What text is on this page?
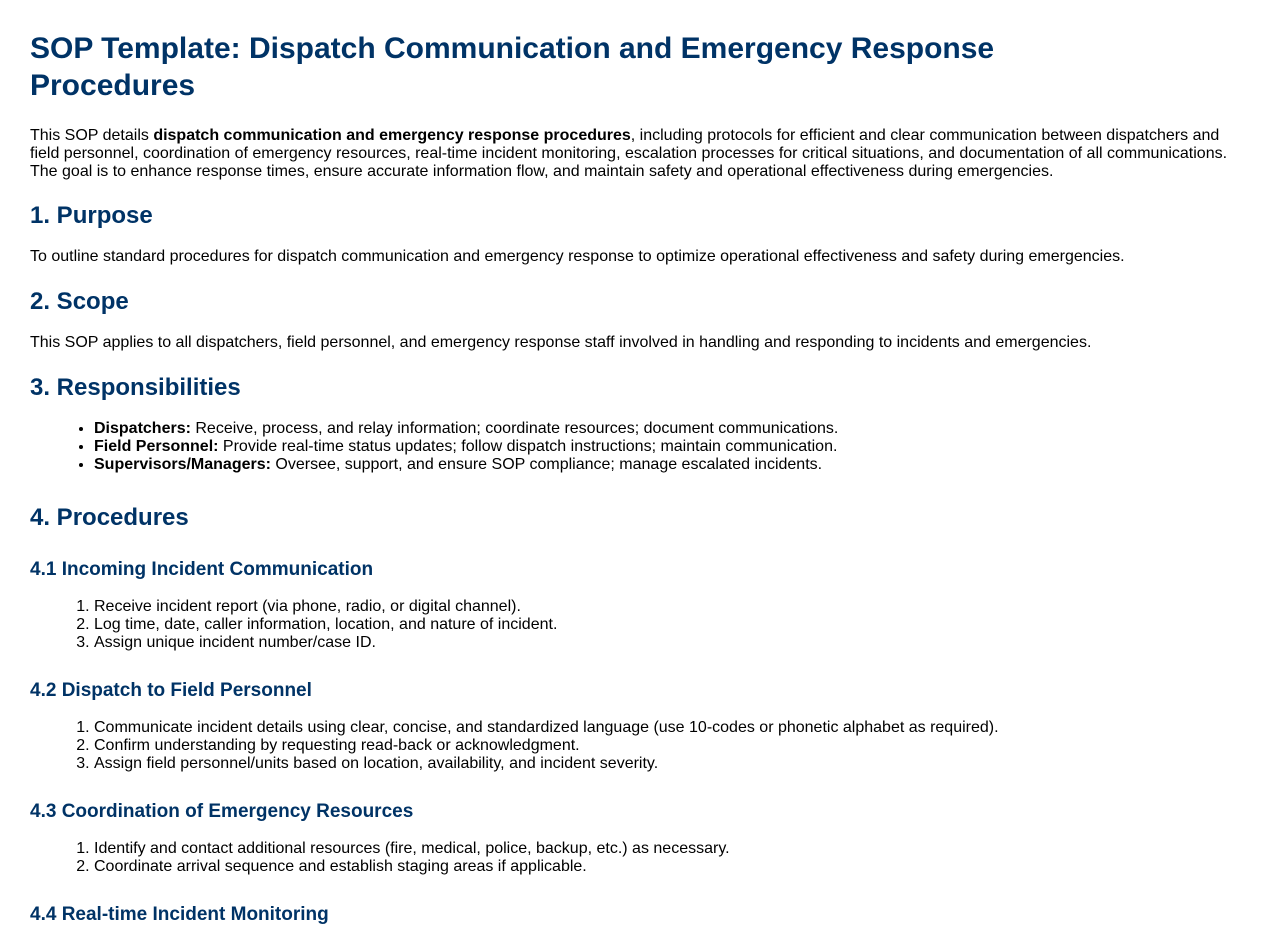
SOP Template: Dispatch Communication and Emergency Response Procedures

This SOP details dispatch communication and emergency response procedures, including protocols for efficient and clear communication between dispatchers and field personnel, coordination of emergency resources, real-time incident monitoring, escalation processes for critical situations, and documentation of all communications. The goal is to enhance response times, ensure accurate information flow, and maintain safety and operational effectiveness during emergencies.

1. Purpose

To outline standard procedures for dispatch communication and emergency response to optimize operational effectiveness and safety during emergencies.

2. Scope

This SOP applies to all dispatchers, field personnel, and emergency response staff involved in handling and responding to incidents and emergencies.

3. Responsibilities
• Dispatchers: Receive, process, and relay information; coordinate resources; document communications.
• Field Personnel: Provide real-time status updates; follow dispatch instructions; maintain communication.
• Supervisors/Managers: Oversee, support, and ensure SOP compliance; manage escalated incidents.
4. Procedures
4.1 Incoming Incident Communication
1. Receive incident report (via phone, radio, or digital channel).
2. Log time, date, caller information, location, and nature of incident.
3. Assign unique incident number/case ID.
4.2 Dispatch to Field Personnel
1. Communicate incident details using clear, concise, and standardized language (use 10-codes or phonetic alphabet as required).
2. Confirm understanding by requesting read-back or acknowledgment.
3. Assign field personnel/units based on location, availability, and incident severity.
4.3 Coordination of Emergency Resources
1. Identify and contact additional resources (fire, medical, police, backup, etc.) as necessary.
2. Coordinate arrival sequence and establish staging areas if applicable.
4.4 Real-time Incident Monitoring
